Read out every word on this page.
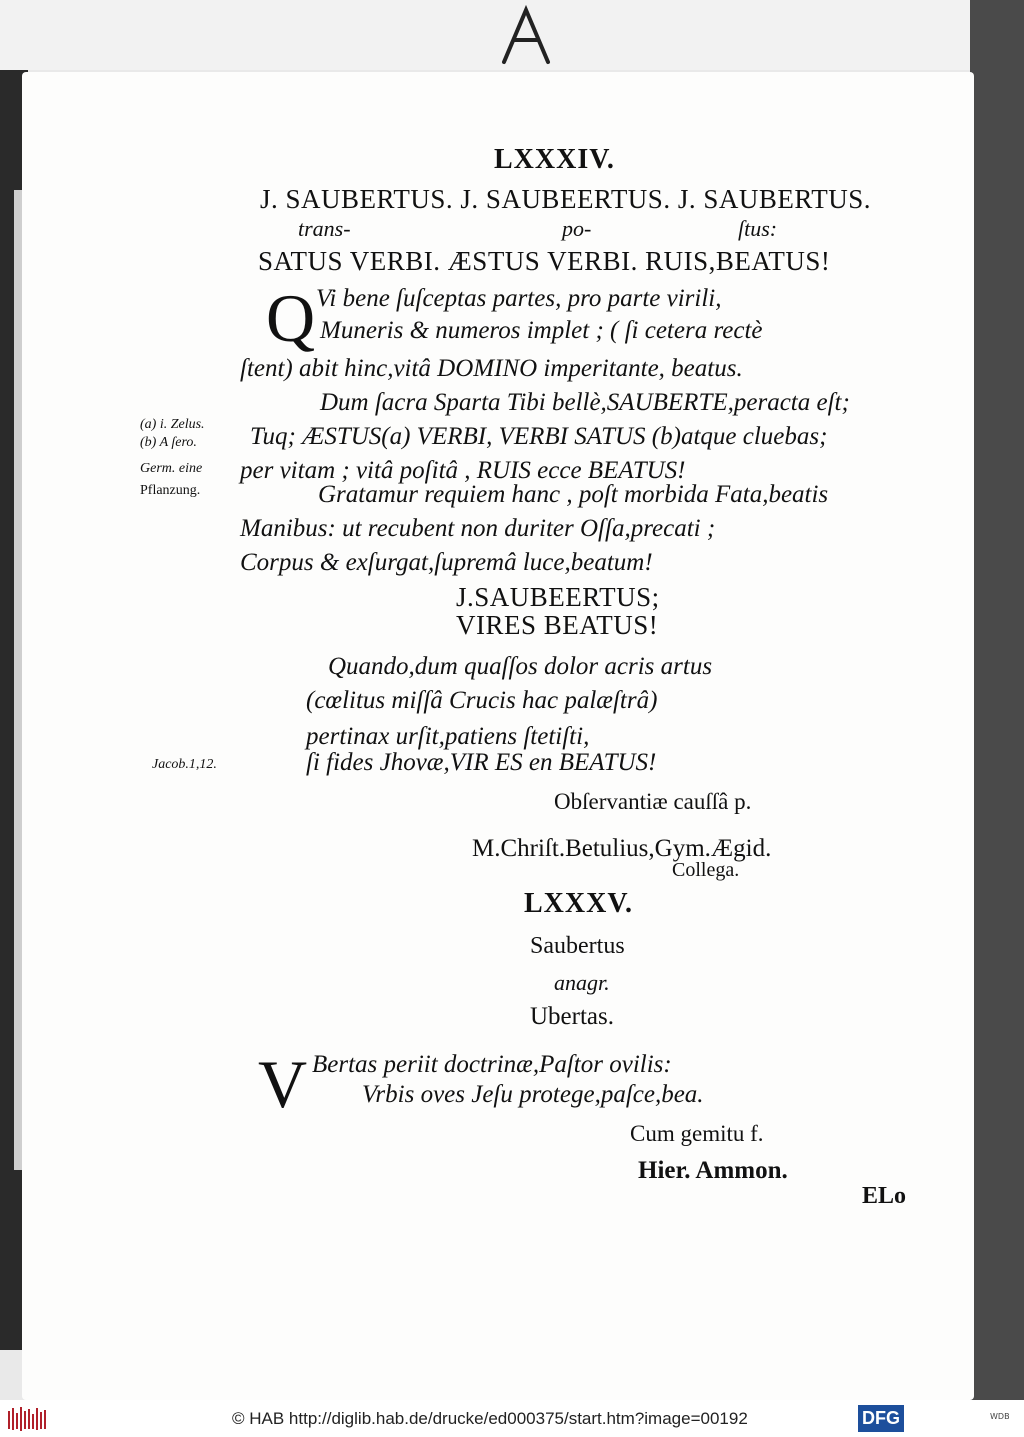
LXXXIV.
J. SAUBERTUS. J. SAUBEERTUS. J. SAUBERTUS.
trans-	po-	ſtus:
SATUS VERBI. ÆSTUS VERBI. RUIS,BEATUS!
Q Vi bene ſuſceptas partes, pro parte virili,
Muneris & numeros implet ; ( ſi cetera rectè
ſtent) abit hinc,vitâ DOMINO imperitante, beatus.
Dum ſacra Sparta Tibi bellè,SAUBERTE,peracta eſt;
Tuq; ÆSTUS(a) VERBI, VERBI SATUS (b)atque cluebas;
per vitam ; vitâ poſitâ , RUIS ecce BEATUS!
Gratamur requiem hanc , poſt morbida Fata,beatis
Manibus: ut recubent non duriter Oſſa,precati ;
Corpus & exſurgat,ſupremâ luce,beatum!
(a) i. Zelus.
(b) A ſero.
Germ. eine
Pflanzung.
J.SAUBEERTUS;
VIRES BEATUS!
Quando,dum quaſſos dolor acris artus
(cœlitus miſſâ Crucis hac palæſtrâ)
pertinax urſit,patiens ſtetiſti,
ſi fides Jhovæ,VIR ES en BEATUS!
Jacob.1,12.
Obſervantiæ cauſſâ p.
M.Chriſt.Betulius,Gym.Ægid.
Collega.
LXXXV.
Saubertus
anagr.
Ubertas.
V Bertas periit doctrinæ,Paſtor ovilis:
Vrbis oves Jeſu protege,paſce,bea.
Cum gemitu f.
Hier. Ammon.
ELo
© HAB http://diglib.hab.de/drucke/ed000375/start.htm?image=00192	DFG	WDB
